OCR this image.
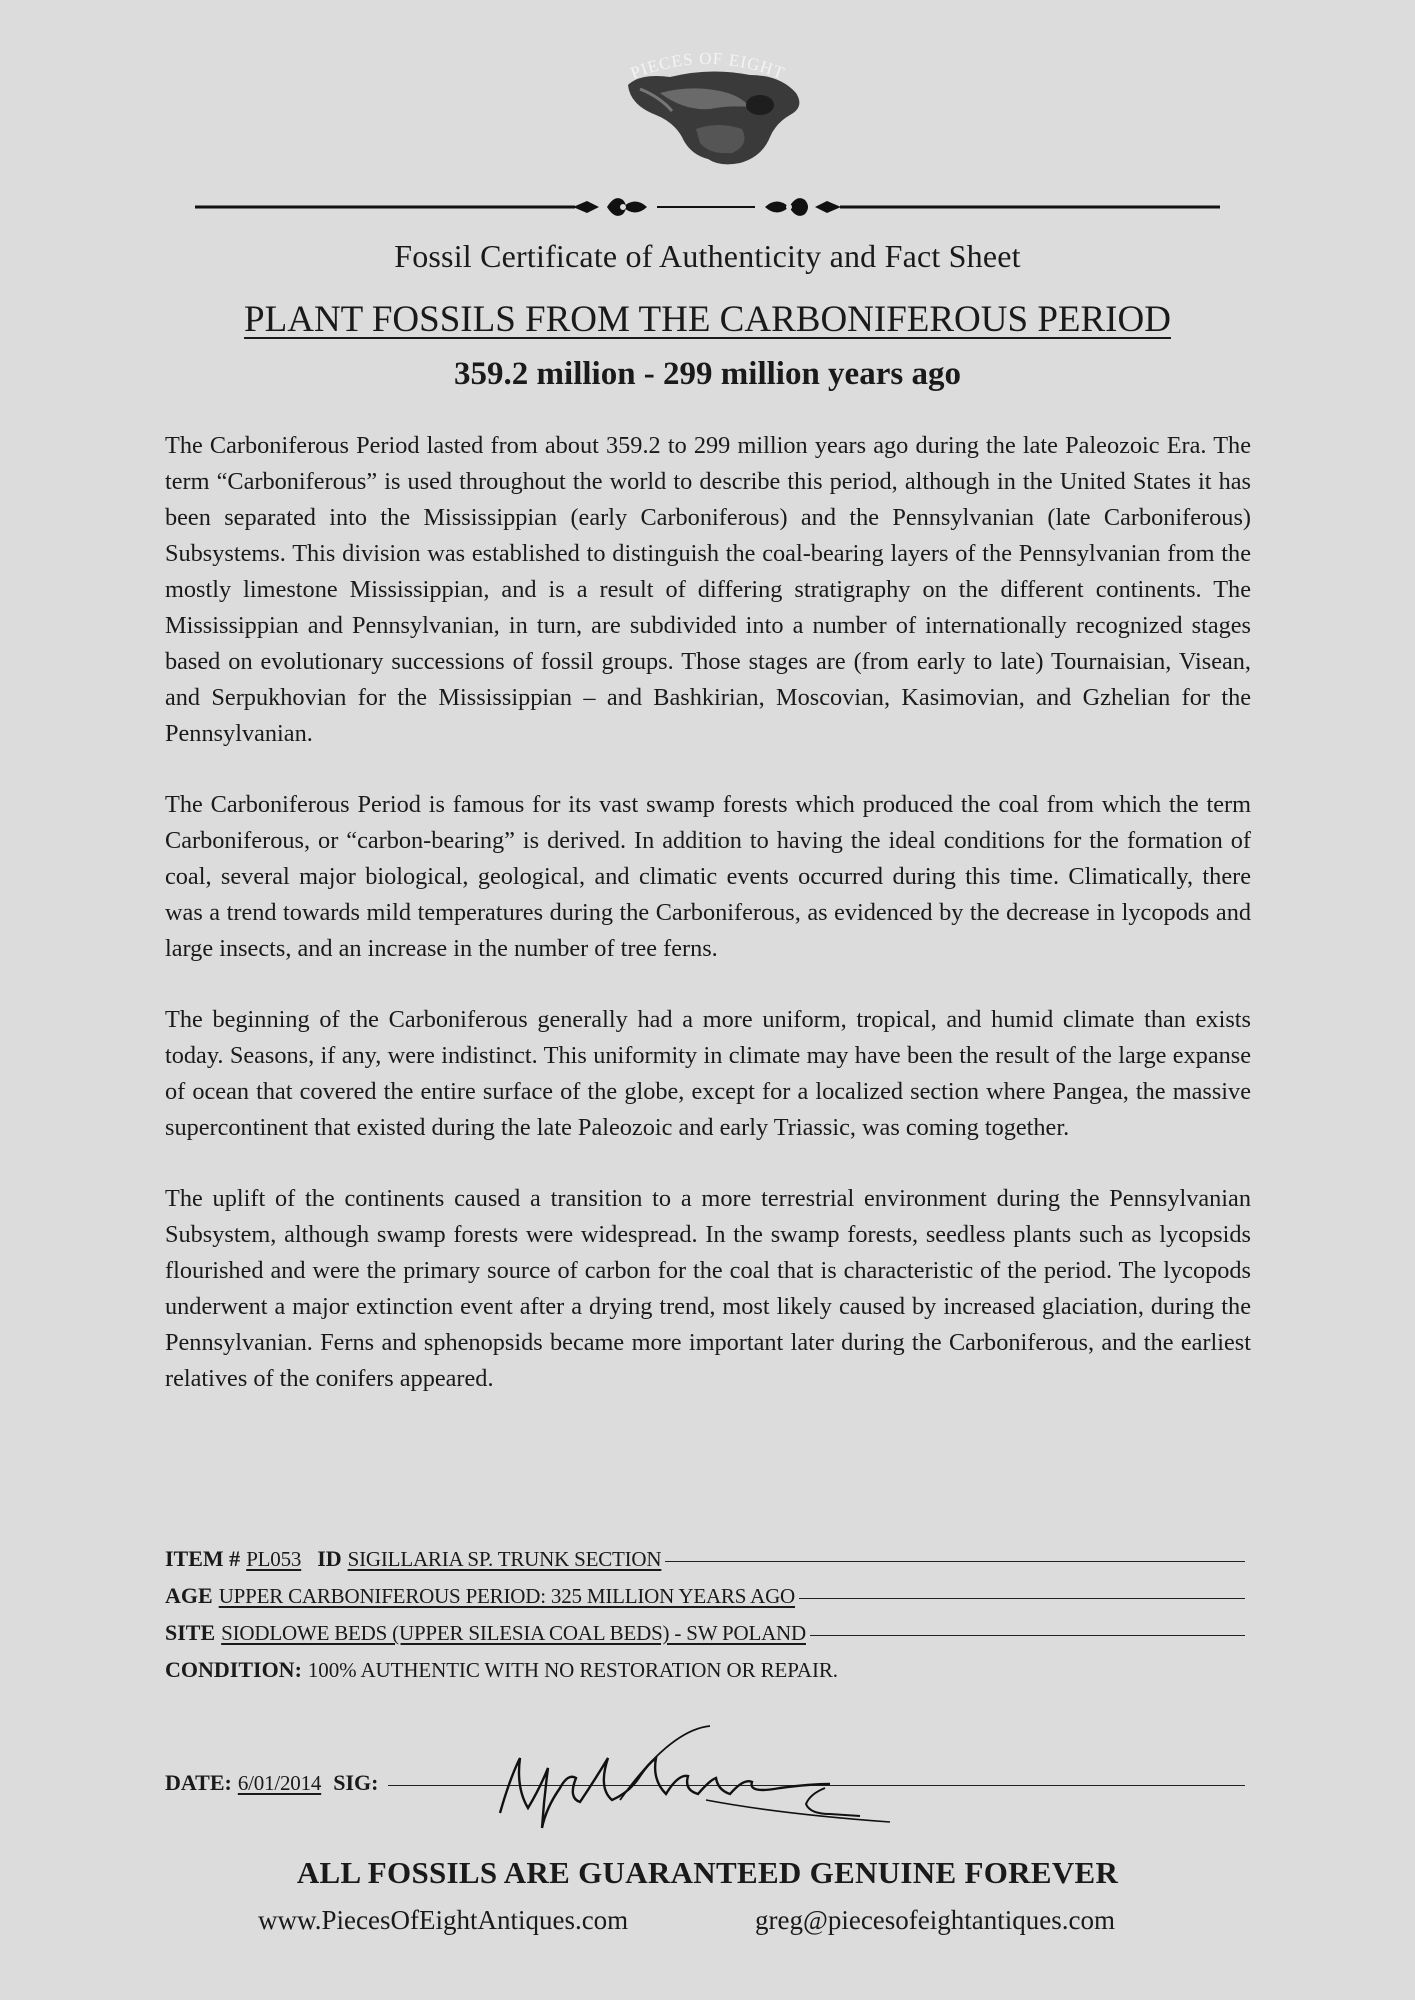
PIECES OF EIGHT
Fossil Certificate of Authenticity and Fact Sheet
PLANT FOSSILS FROM THE CARBONIFEROUS PERIOD
359.2 million - 299 million years ago

The Carboniferous Period lasted from about 359.2 to 299 million years ago during the late Paleozoic Era. The term “Carboniferous” is used throughout the world to describe this period, although in the United States it has been separated into the Mississippian (early Carboniferous) and the Pennsylvanian (late Carboniferous) Subsystems. This division was established to distinguish the coal-bearing layers of the Pennsylvanian from the mostly limestone Mississippian, and is a result of differing stratigraphy on the different continents. The Mississippian and Pennsylvanian, in turn, are subdivided into a number of internationally recognized stages based on evolutionary successions of fossil groups. Those stages are (from early to late) Tournaisian, Visean, and Serpukhovian for the Mississippian – and Bashkirian, Moscovian, Kasimovian, and Gzhelian for the Pennsylvanian.

The Carboniferous Period is famous for its vast swamp forests which produced the coal from which the term Carboniferous, or “carbon-bearing” is derived. In addition to having the ideal conditions for the formation of coal, several major biological, geological, and climatic events occurred during this time. Climatically, there was a trend towards mild temperatures during the Carboniferous, as evidenced by the decrease in lycopods and large insects, and an increase in the number of tree ferns.

The beginning of the Carboniferous generally had a more uniform, tropical, and humid climate than exists today. Seasons, if any, were indistinct. This uniformity in climate may have been the result of the large expanse of ocean that covered the entire surface of the globe, except for a localized section where Pangea, the massive supercontinent that existed during the late Paleozoic and early Triassic, was coming together.

The uplift of the continents caused a transition to a more terrestrial environment during the Pennsylvanian Subsystem, although swamp forests were widespread. In the swamp forests, seedless plants such as lycopsids flourished and were the primary source of carbon for the coal that is characteristic of the period. The lycopods underwent a major extinction event after a drying trend, most likely caused by increased glaciation, during the Pennsylvanian. Ferns and sphenopsids became more important later during the Carboniferous, and the earliest relatives of the conifers appeared.

ITEM # PL053 ID SIGILLARIA SP. TRUNK SECTION
AGE UPPER CARBONIFEROUS PERIOD: 325 MILLION YEARS AGO
SITE SIODLOWE BEDS (UPPER SILESIA COAL BEDS) - SW POLAND
CONDITION: 100% AUTHENTIC WITH NO RESTORATION OR REPAIR.
DATE: 6/01/2014 SIG:
ALL FOSSILS ARE GUARANTEED GENUINE FOREVER
www.PiecesOfEightAntiques.com	greg@piecesofeightantiques.com
